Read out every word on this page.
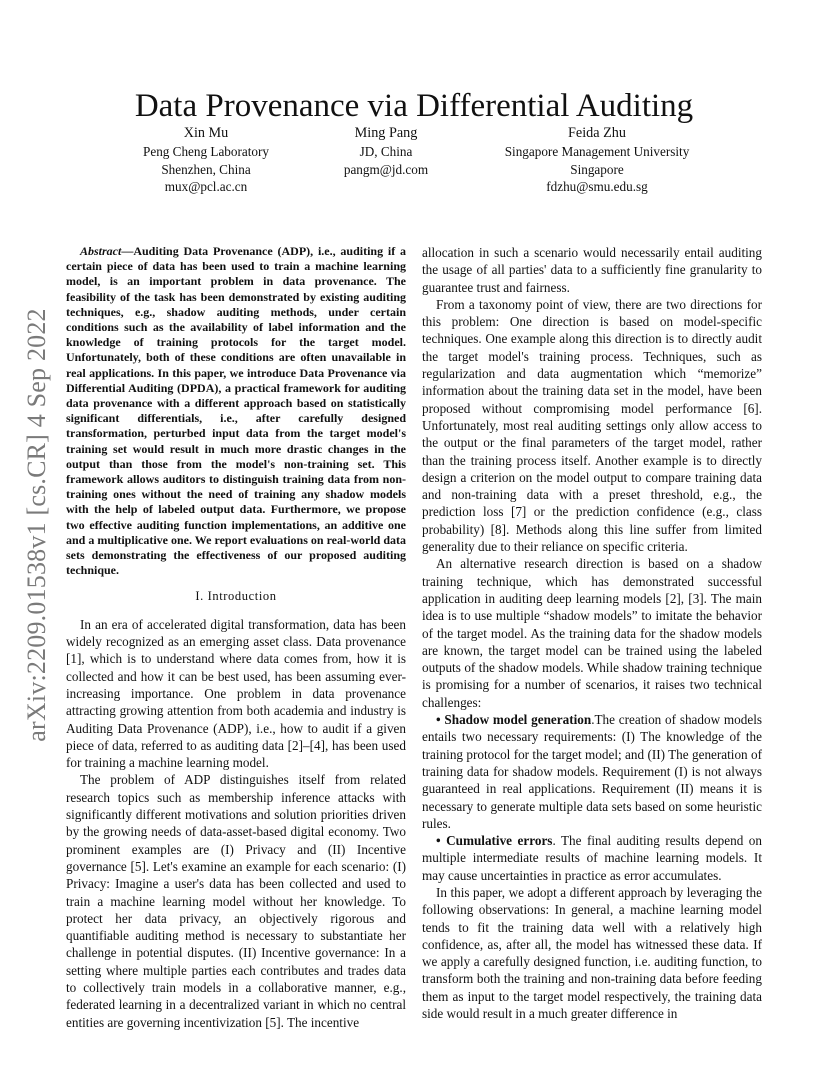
arXiv:2209.01538v1 [cs.CR] 4 Sep 2022
Data Provenance via Differential Auditing
Xin Mu
Peng Cheng Laboratory
Shenzhen, China
mux@pcl.ac.cn
Ming Pang
JD, China
pangm@jd.com
Feida Zhu
Singapore Management University
Singapore
fdzhu@smu.edu.sg

Abstract—Auditing Data Provenance (ADP), i.e., auditing if a certain piece of data has been used to train a machine learning model, is an important problem in data provenance. The feasibility of the task has been demonstrated by existing auditing techniques, e.g., shadow auditing methods, under certain conditions such as the availability of label information and the knowledge of training protocols for the target model. Unfortunately, both of these conditions are often unavailable in real applications. In this paper, we introduce Data Provenance via Differential Auditing (DPDA), a practical framework for auditing data provenance with a different approach based on statistically significant differentials, i.e., after carefully designed transformation, perturbed input data from the target model's training set would result in much more drastic changes in the output than those from the model's non-training set. This framework allows auditors to distinguish training data from non-training ones without the need of training any shadow models with the help of labeled output data. Furthermore, we propose two effective auditing function implementations, an additive one and a multiplicative one. We report evaluations on real-world data sets demonstrating the effectiveness of our proposed auditing technique.

I. Introduction

In an era of accelerated digital transformation, data has been widely recognized as an emerging asset class. Data provenance [1], which is to understand where data comes from, how it is collected and how it can be best used, has been assuming ever-increasing importance. One problem in data provenance attracting growing attention from both academia and industry is Auditing Data Provenance (ADP), i.e., how to audit if a given piece of data, referred to as auditing data [2]–[4], has been used for training a machine learning model.

The problem of ADP distinguishes itself from related research topics such as membership inference attacks with significantly different motivations and solution priorities driven by the growing needs of data-asset-based digital economy. Two prominent examples are (I) Privacy and (II) Incentive governance [5]. Let's examine an example for each scenario: (I) Privacy: Imagine a user's data has been collected and used to train a machine learning model without her knowledge. To protect her data privacy, an objectively rigorous and quantifiable auditing method is necessary to substantiate her challenge in potential disputes. (II) Incentive governance: In a setting where multiple parties each contributes and trades data to collectively train models in a collaborative manner, e.g., federated learning in a decentralized variant in which no central entities are governing incentivization [5]. The incentive

allocation in such a scenario would necessarily entail auditing the usage of all parties' data to a sufficiently fine granularity to guarantee trust and fairness.

From a taxonomy point of view, there are two directions for this problem: One direction is based on model-specific techniques. One example along this direction is to directly audit the target model's training process. Techniques, such as regularization and data augmentation which “memorize” information about the training data set in the model, have been proposed without compromising model performance [6]. Unfortunately, most real auditing settings only allow access to the output or the final parameters of the target model, rather than the training process itself. Another example is to directly design a criterion on the model output to compare training data and non-training data with a preset threshold, e.g., the prediction loss [7] or the prediction confidence (e.g., class probability) [8]. Methods along this line suffer from limited generality due to their reliance on specific criteria.

An alternative research direction is based on a shadow training technique, which has demonstrated successful application in auditing deep learning models [2], [3]. The main idea is to use multiple “shadow models” to imitate the behavior of the target model. As the training data for the shadow models are known, the target model can be trained using the labeled outputs of the shadow models. While shadow training technique is promising for a number of scenarios, it raises two technical challenges:

• Shadow model generation.The creation of shadow models entails two necessary requirements: (I) The knowledge of the training protocol for the target model; and (II) The generation of training data for shadow models. Requirement (I) is not always guaranteed in real applications. Requirement (II) means it is necessary to generate multiple data sets based on some heuristic rules.

• Cumulative errors. The final auditing results depend on multiple intermediate results of machine learning models. It may cause uncertainties in practice as error accumulates.

In this paper, we adopt a different approach by leveraging the following observations: In general, a machine learning model tends to fit the training data well with a relatively high confidence, as, after all, the model has witnessed these data. If we apply a carefully designed function, i.e. auditing function, to transform both the training and non-training data before feeding them as input to the target model respectively, the training data side would result in a much greater difference in
